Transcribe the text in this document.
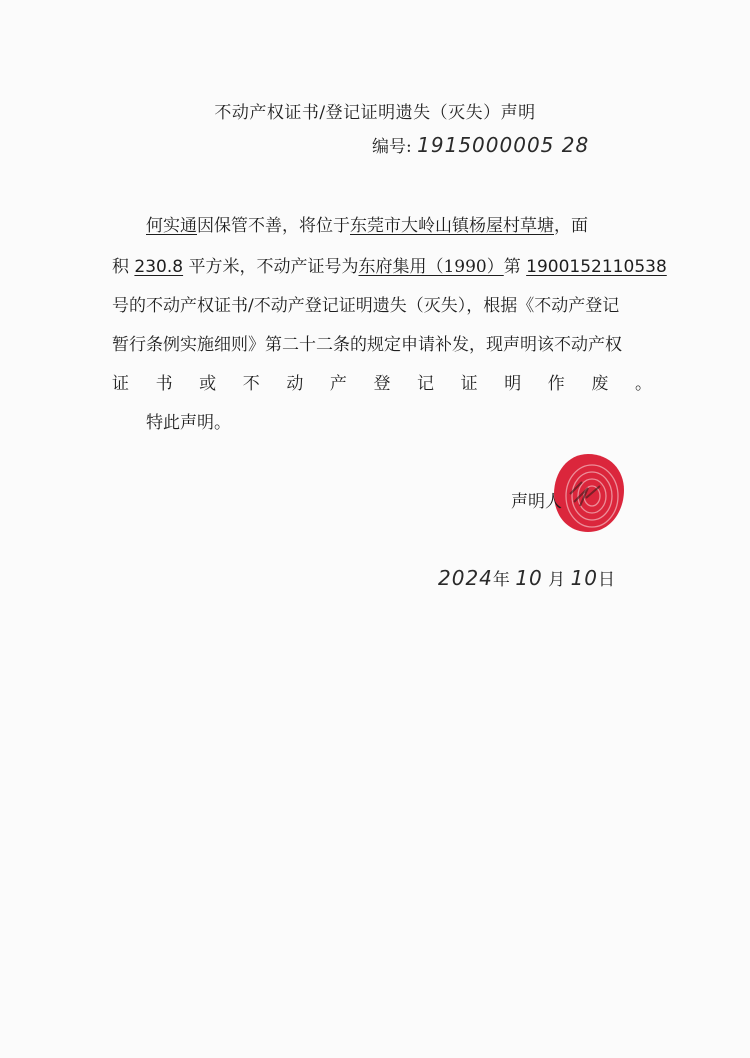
不动产权证书/登记证明遗失（灭失）声明
编号: 1915000005 28
何实通因保管不善，将位于东莞市大岭山镇杨屋村草塘，面
积 230.8 平方米，不动产证号为东府集用（1990）第 1900152110538
号的不动产权证书/不动产登记证明遗失（灭失），根据《不动产登记
暂行条例实施细则》第二十二条的规定申请补发，现声明该不动产权
证 书 或 不 动 产 登 记 证 明 作 废 。
特此声明。
声明人
2024年 10 月 10日
